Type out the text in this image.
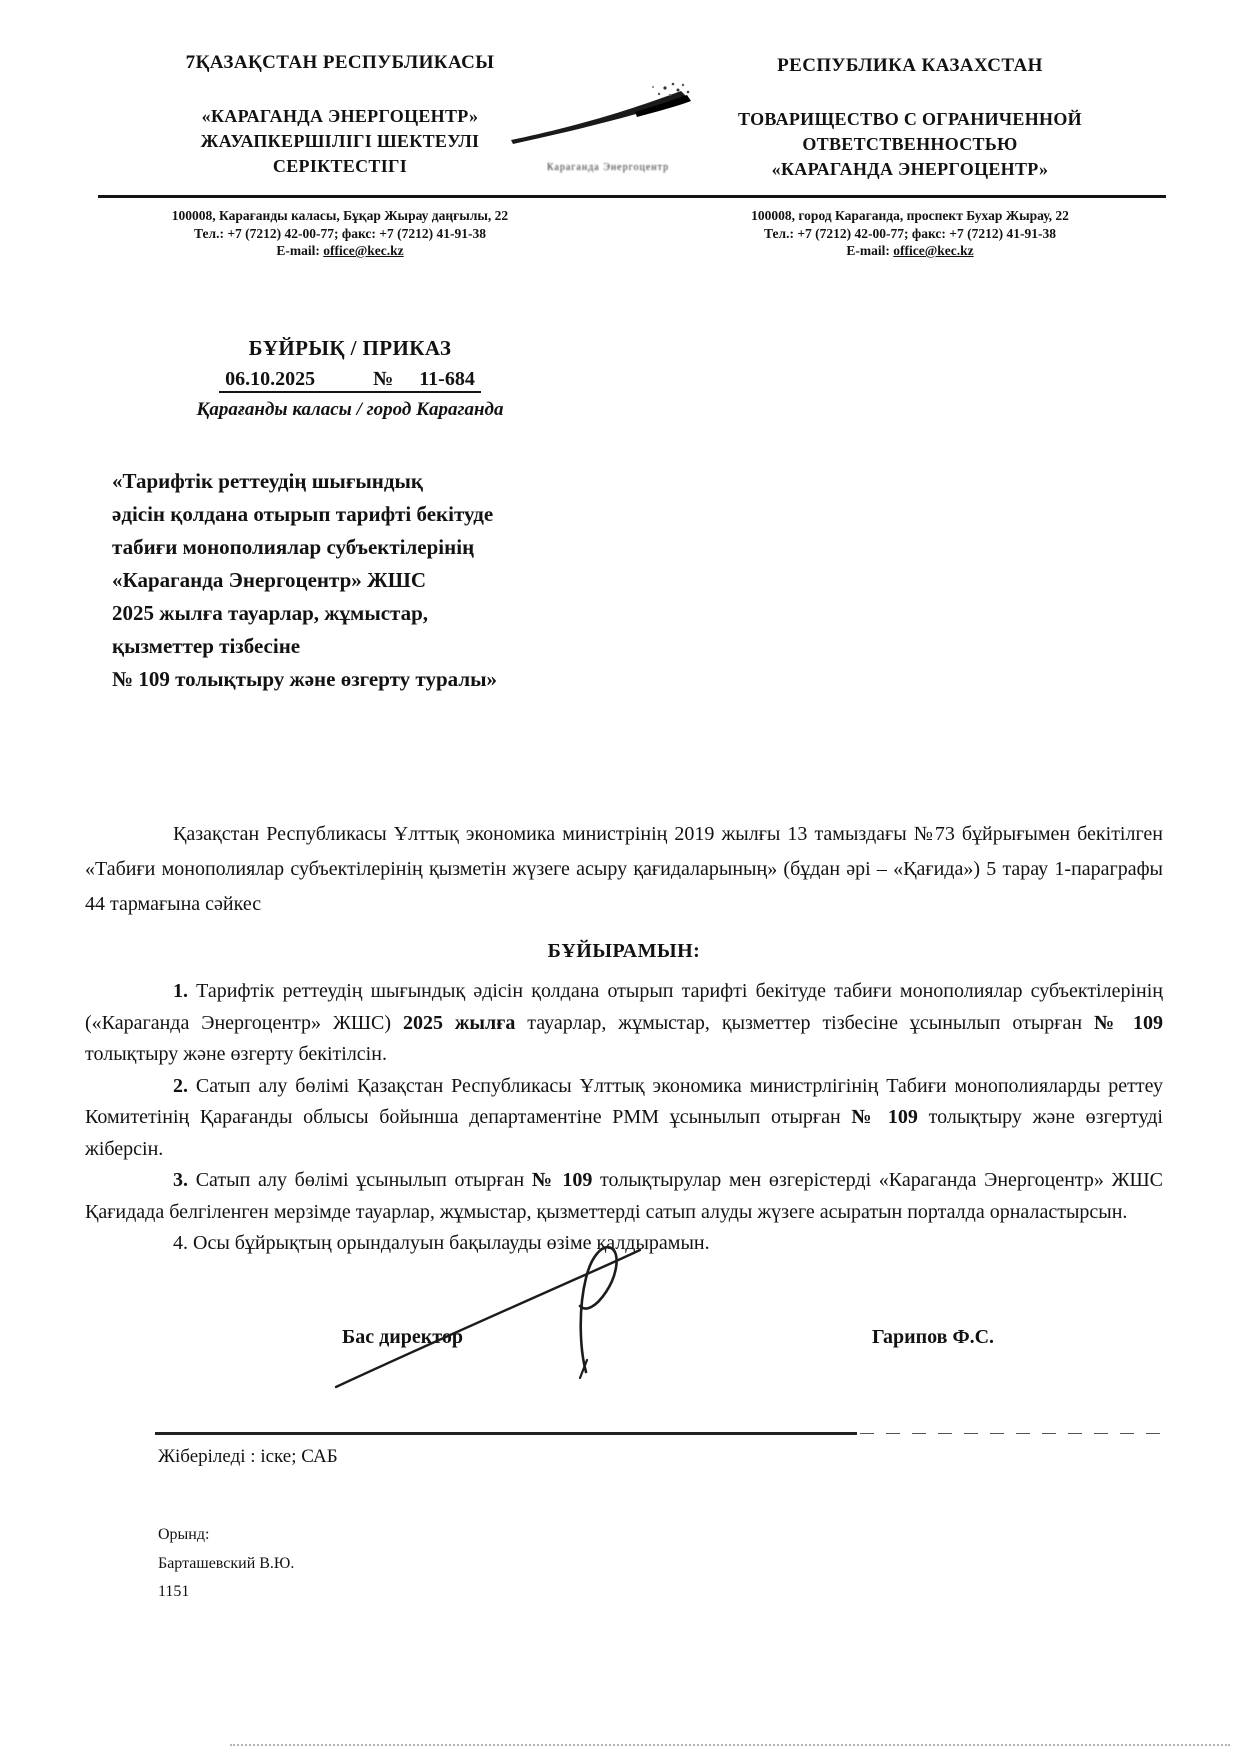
7ҚАЗАҚСТАН РЕСПУБЛИКАСЫ
«КАРАГАНДА ЭНЕРГОЦЕНТР»
ЖАУАПКЕРШІЛІГІ ШЕКТЕУЛІ
СЕРІКТЕСТІГІ	Караганда Энергоцентр
РЕСПУБЛИКА КАЗАХСТАН
ТОВАРИЩЕСТВО С ОГРАНИЧЕННОЙ
ОТВЕТСТВЕННОСТЬЮ
«КАРАГАНДА ЭНЕРГОЦЕНТР»
100008, Карағанды каласы, Бұқар Жырау даңғылы, 22
Тел.: +7 (7212) 42-00-77; факс: +7 (7212) 41-91-38
E-mail: office@kec.kz
100008, город Караганда, проспект Бухар Жырау, 22
Тел.: +7 (7212) 42-00-77; факс: +7 (7212) 41-91-38
E-mail: office@kec.kz
БҰЙРЫҚ / ПРИКАЗ
06.10.2025	№ 11-684
Қарағанды каласы / город Караганда
«Тарифтік реттеудің шығындық
әдісін қолдана отырып тарифті бекітуде
табиғи монополиялар субъектілерінің
«Караганда Энергоцентр» ЖШС
2025 жылға тауарлар, жұмыстар,
қызметтер тізбесіне
№ 109 толықтыру және өзгерту туралы»
Қазақстан Республикасы Ұлттық экономика министрінің 2019 жылғы 13 тамыздағы №73 бұйрығымен бекітілген «Табиғи монополиялар субъектілерінің қызметін жүзеге асыру қағидаларының» (бұдан әрі – «Қағида») 5 тарау 1-параграфы 44 тармағына сәйкес
БҰЙЫРАМЫН:

1. Тарифтік реттеудің шығындық әдісін қолдана отырып тарифті бекітуде табиғи монополиялар субъектілерінің («Караганда Энергоцентр» ЖШС) 2025 жылға тауарлар, жұмыстар, қызметтер тізбесіне ұсынылып отырған № 109 толықтыру және өзгерту бекітілсін.

2. Сатып алу бөлімі Қазақстан Республикасы Ұлттық экономика министрлігінің Табиғи монополияларды реттеу Комитетінің Қарағанды облысы бойынша департаментіне РММ ұсынылып отырған № 109 толықтыру және өзгертуді жіберсін.

3. Сатып алу бөлімі ұсынылып отырған № 109 толықтырулар мен өзгерістерді «Караганда Энергоцентр» ЖШС Қағидада белгіленген мерзімде тауарлар, жұмыстар, қызметтерді сатып алуды жүзеге асыратын порталда орналастырсын.

4. Осы бұйрықтың орындалуын бақылауды өзіме қалдырамын.

Бас директор	Гарипов Ф.С.
Жіберіледі : іске; САБ
Орынд:
Барташевский В.Ю.
1151
